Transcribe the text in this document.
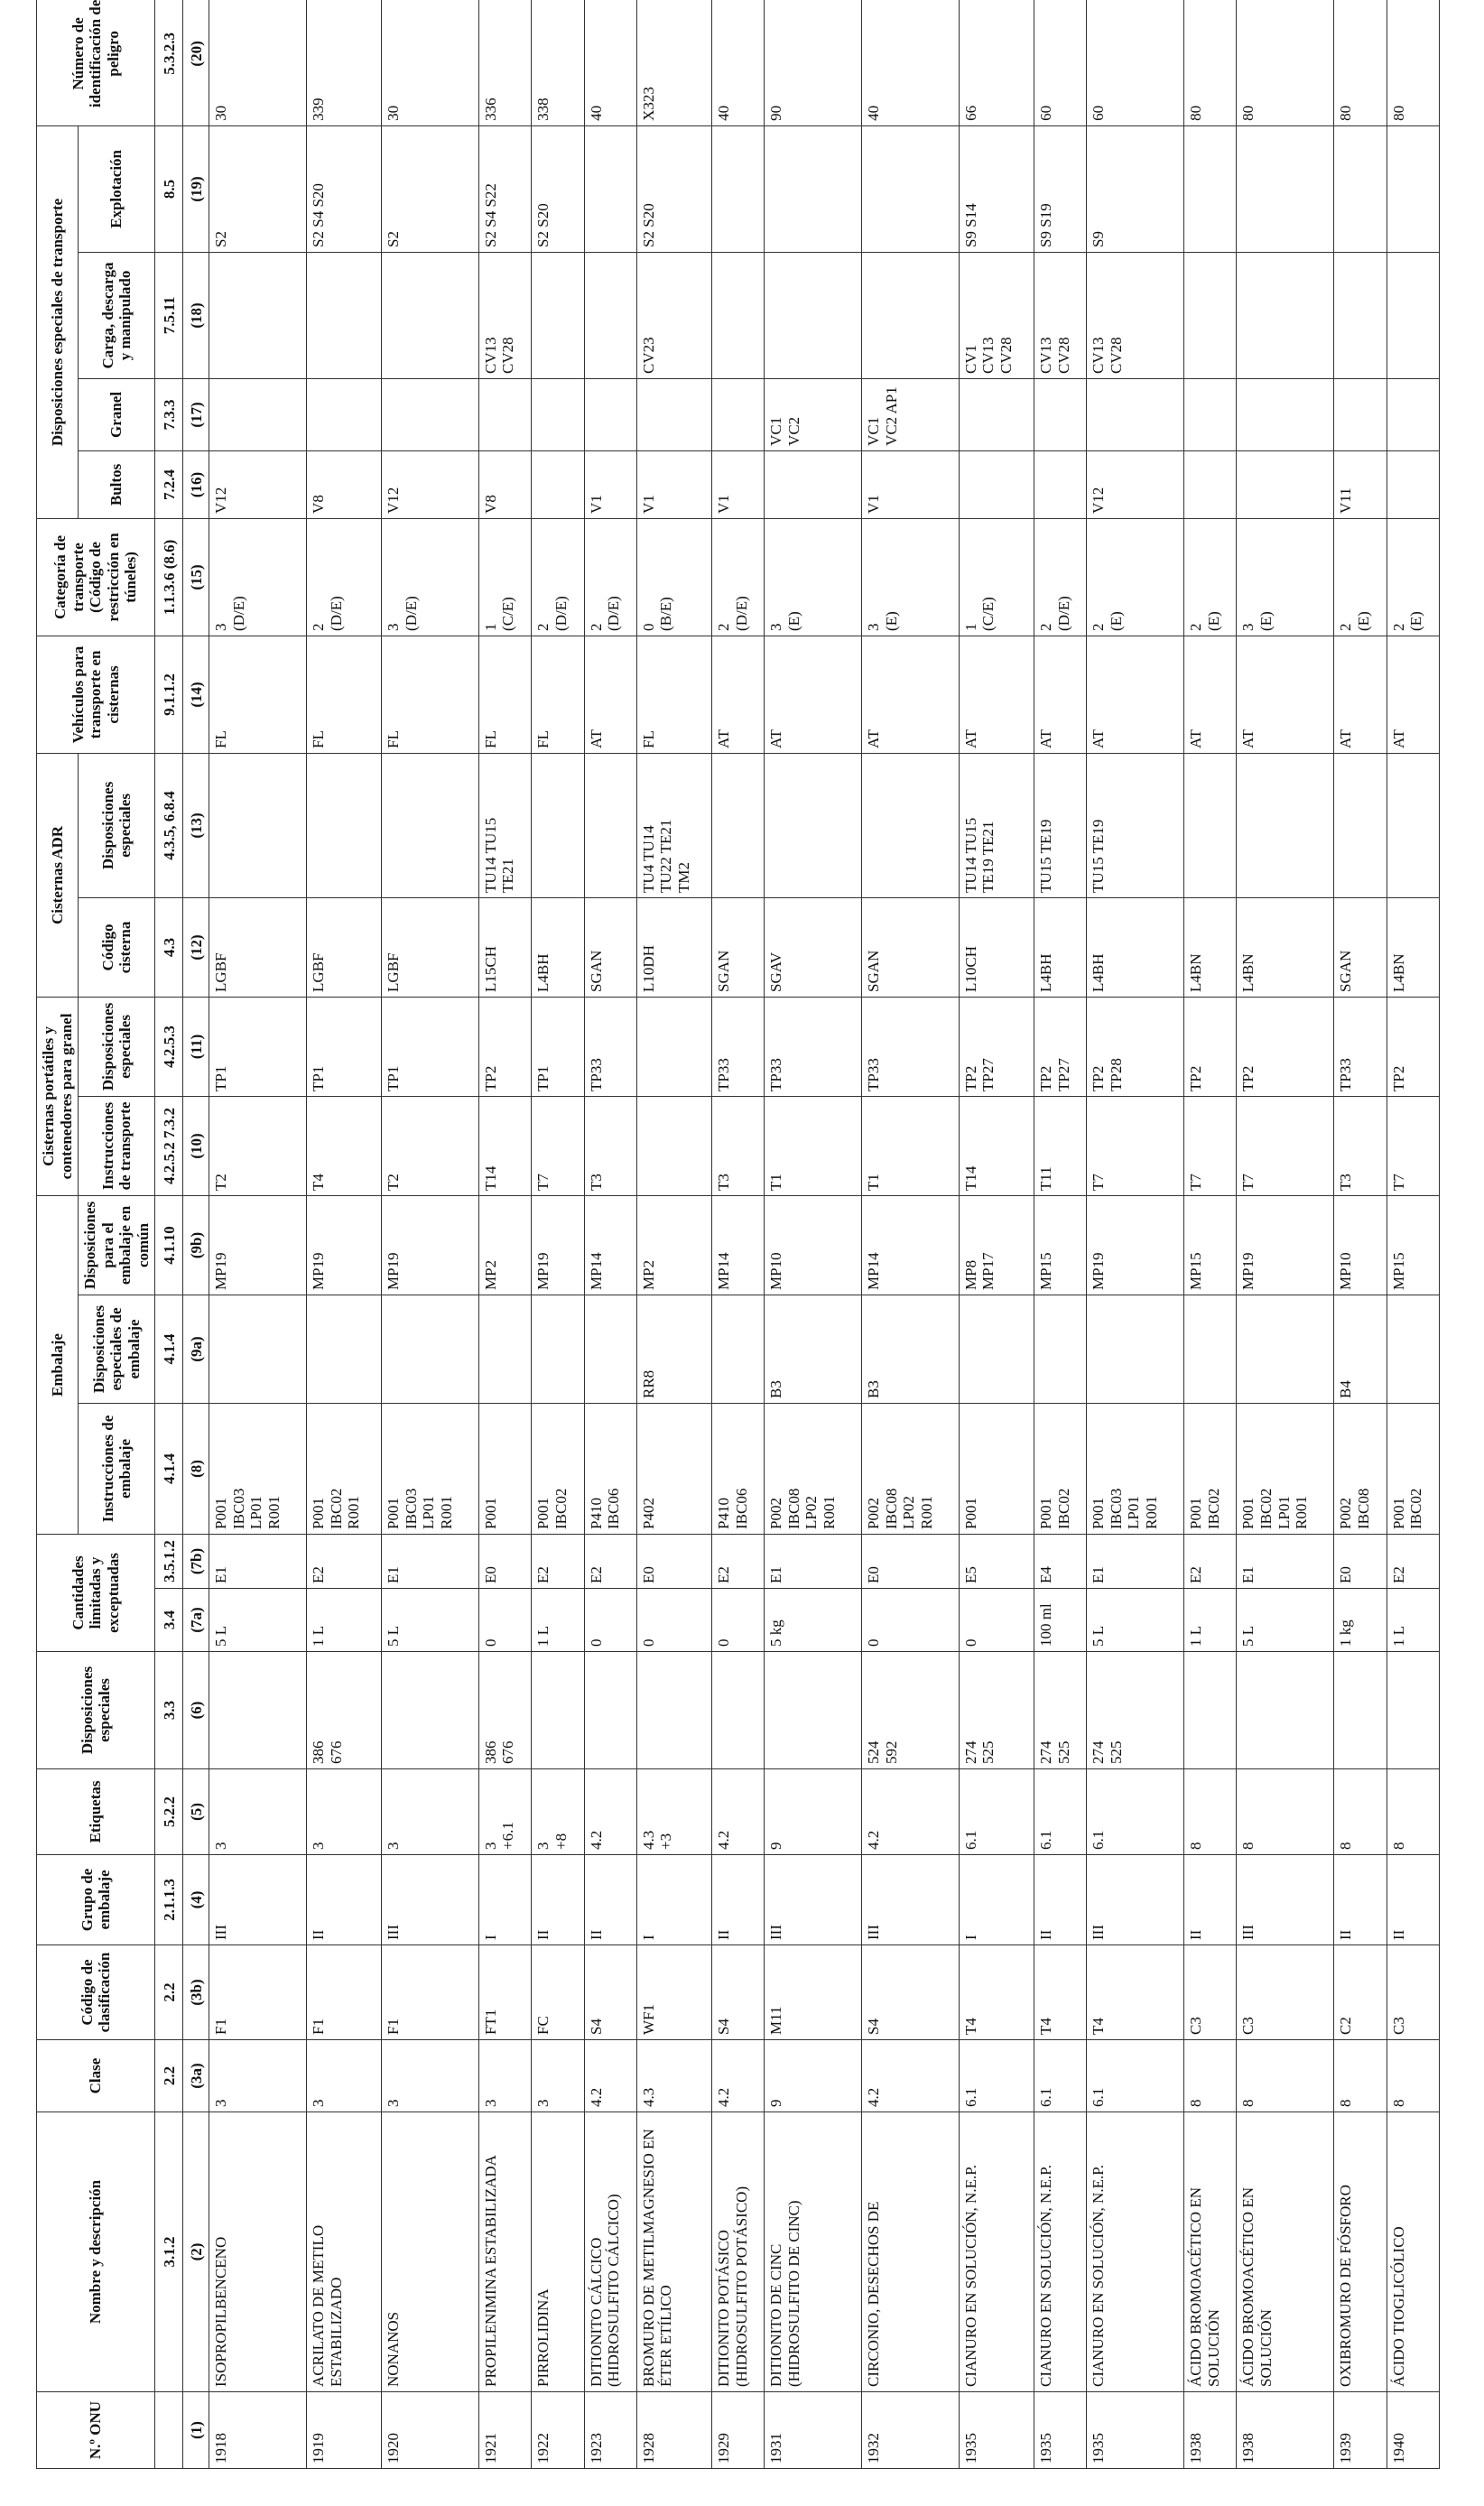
N.º ONU	Nombre y descripción	Clase	Código de clasificación	Grupo de embalaje	Etiquetas	Disposiciones especiales	Cantidades limitadas y exceptuadas		Embalaje			Cisternas portátiles y contenedores para granel		Cisternas ADR		Vehículos para transporte en cisternas	Categoría de transporte (Código de restricción en túneles)	Disposiciones especiales de transporte				Número de identificación de peligro
									Instrucciones de embalaje	Disposiciones especiales de embalaje	Disposiciones para el embalaje en común	Instrucciones de transporte	Disposiciones especiales	Código cisterna	Disposiciones especiales			Bultos	Granel	Carga, descarga y manipulado	Explotación	
	3.1.2	2.2	2.2	2.1.1.3	5.2.2	3.3	3.4	3.5.1.2	4.1.4	4.1.4	4.1.10	4.2.5.2 7.3.2	4.2.5.3	4.3	4.3.5, 6.8.4	9.1.1.2	1.1.3.6 (8.6)	7.2.4	7.3.3	7.5.11	8.5	5.3.2.3
(1)	(2)	(3a)	(3b)	(4)	(5)	(6)	(7a)	(7b)	(8)	(9a)	(9b)	(10)	(11)	(12)	(13)	(14)	(15)	(16)	(17)	(18)	(19)	(20)
1918	ISOPROPILBENCENO	3	F1	III	3		5 L	E1	P001 IBC03 LP01 R001		MP19	T2	TP1	LGBF		FL	3 (D/E)	V12			S2	30
1919	ACRILATO DE METILO ESTABILIZADO	3	F1	II	3	386 676	1 L	E2	P001 IBC02 R001		MP19	T4	TP1	LGBF		FL	2 (D/E)	V8			S2 S4 S20	339
1920	NONANOS	3	F1	III	3		5 L	E1	P001 IBC03 LP01 R001		MP19	T2	TP1	LGBF		FL	3 (D/E)	V12			S2	30
1921	PROPILENIMINA ESTABILIZADA	3	FT1	I	3 +6.1	386 676	0	E0	P001		MP2	T14	TP2	L15CH	TU14 TU15 TE21	FL	1 (C/E)	V8		CV13 CV28	S2 S4 S22	336
1922	PIRROLIDINA	3	FC	II	3 +8		1 L	E2	P001 IBC02		MP19	T7	TP1	L4BH		FL	2 (D/E)				S2 S20	338
1923	DITIONITO CÁLCICO (HIDROSULFITO CÁLCICO)	4.2	S4	II	4.2		0	E2	P410 IBC06		MP14	T3	TP33	SGAN		AT	2 (D/E)	V1				40
1928	BROMURO DE METILMAGNESIO EN ÉTER ETÍLICO	4.3	WF1	I	4.3 +3		0	E0	P402	RR8	MP2			L10DH	TU4 TU14 TU22 TE21 TM2	FL	0 (B/E)	V1		CV23	S2 S20	X323
1929	DITIONITO POTÁSICO (HIDROSULFITO POTÁSICO)	4.2	S4	II	4.2		0	E2	P410 IBC06		MP14	T3	TP33	SGAN		AT	2 (D/E)	V1				40
1931	DITIONITO DE CINC (HIDROSULFITO DE CINC)	9	M11	III	9		5 kg	E1	P002 IBC08 LP02 R001	B3	MP10	T1	TP33	SGAV		AT	3 (E)		VC1 VC2			90
1932	CIRCONIO, DESECHOS DE	4.2	S4	III	4.2	524 592	0	E0	P002 IBC08 LP02 R001	B3	MP14	T1	TP33	SGAN		AT	3 (E)	V1	VC1 VC2 AP1			40
1935	CIANURO EN SOLUCIÓN, N.E.P.	6.1	T4	I	6.1	274 525	0	E5	P001		MP8 MP17	T14	TP2 TP27	L10CH	TU14 TU15 TE19 TE21	AT	1 (C/E)			CV1 CV13 CV28	S9 S14	66
1935	CIANURO EN SOLUCIÓN, N.E.P.	6.1	T4	II	6.1	274 525	100 ml	E4	P001 IBC02		MP15	T11	TP2 TP27	L4BH	TU15 TE19	AT	2 (D/E)			CV13 CV28	S9 S19	60
1935	CIANURO EN SOLUCIÓN, N.E.P.	6.1	T4	III	6.1	274 525	5 L	E1	P001 IBC03 LP01 R001		MP19	T7	TP2 TP28	L4BH	TU15 TE19	AT	2 (E)	V12		CV13 CV28	S9	60
1938	ÁCIDO BROMOACÉTICO EN SOLUCIÓN	8	C3	II	8		1 L	E2	P001 IBC02		MP15	T7	TP2	L4BN		AT	2 (E)					80
1938	ÁCIDO BROMOACÉTICO EN SOLUCIÓN	8	C3	III	8		5 L	E1	P001 IBC02 LP01 R001		MP19	T7	TP2	L4BN		AT	3 (E)					80
1939	OXIBROMURO DE FÓSFORO	8	C2	II	8		1 kg	E0	P002 IBC08	B4	MP10	T3	TP33	SGAN		AT	2 (E)	V11				80
1940	ÁCIDO TIOGLICÓLICO	8	C3	II	8		1 L	E2	P001 IBC02		MP15	T7	TP2	L4BN		AT	2 (E)					80
